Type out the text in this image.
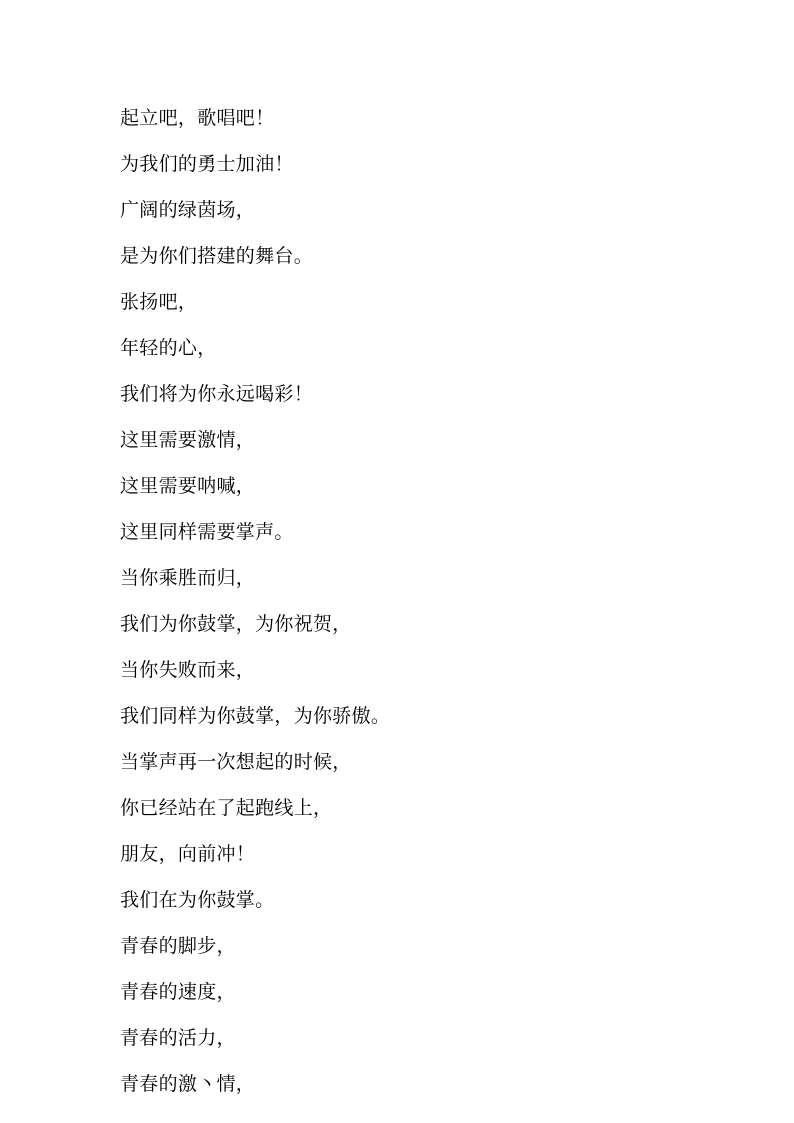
起立吧，歌唱吧！
为我们的勇士加油！
广阔的绿茵场，
是为你们搭建的舞台。
张扬吧，
年轻的心，
我们将为你永远喝彩！
这里需要激情，
这里需要呐喊，
这里同样需要掌声。
当你乘胜而归，
我们为你鼓掌，为你祝贺，
当你失败而来，
我们同样为你鼓掌，为你骄傲。
当掌声再一次想起的时候，
你已经站在了起跑线上，
朋友，向前冲！
我们在为你鼓掌。
青春的脚步，
青春的速度，
青春的活力，
青春的激丶情，
